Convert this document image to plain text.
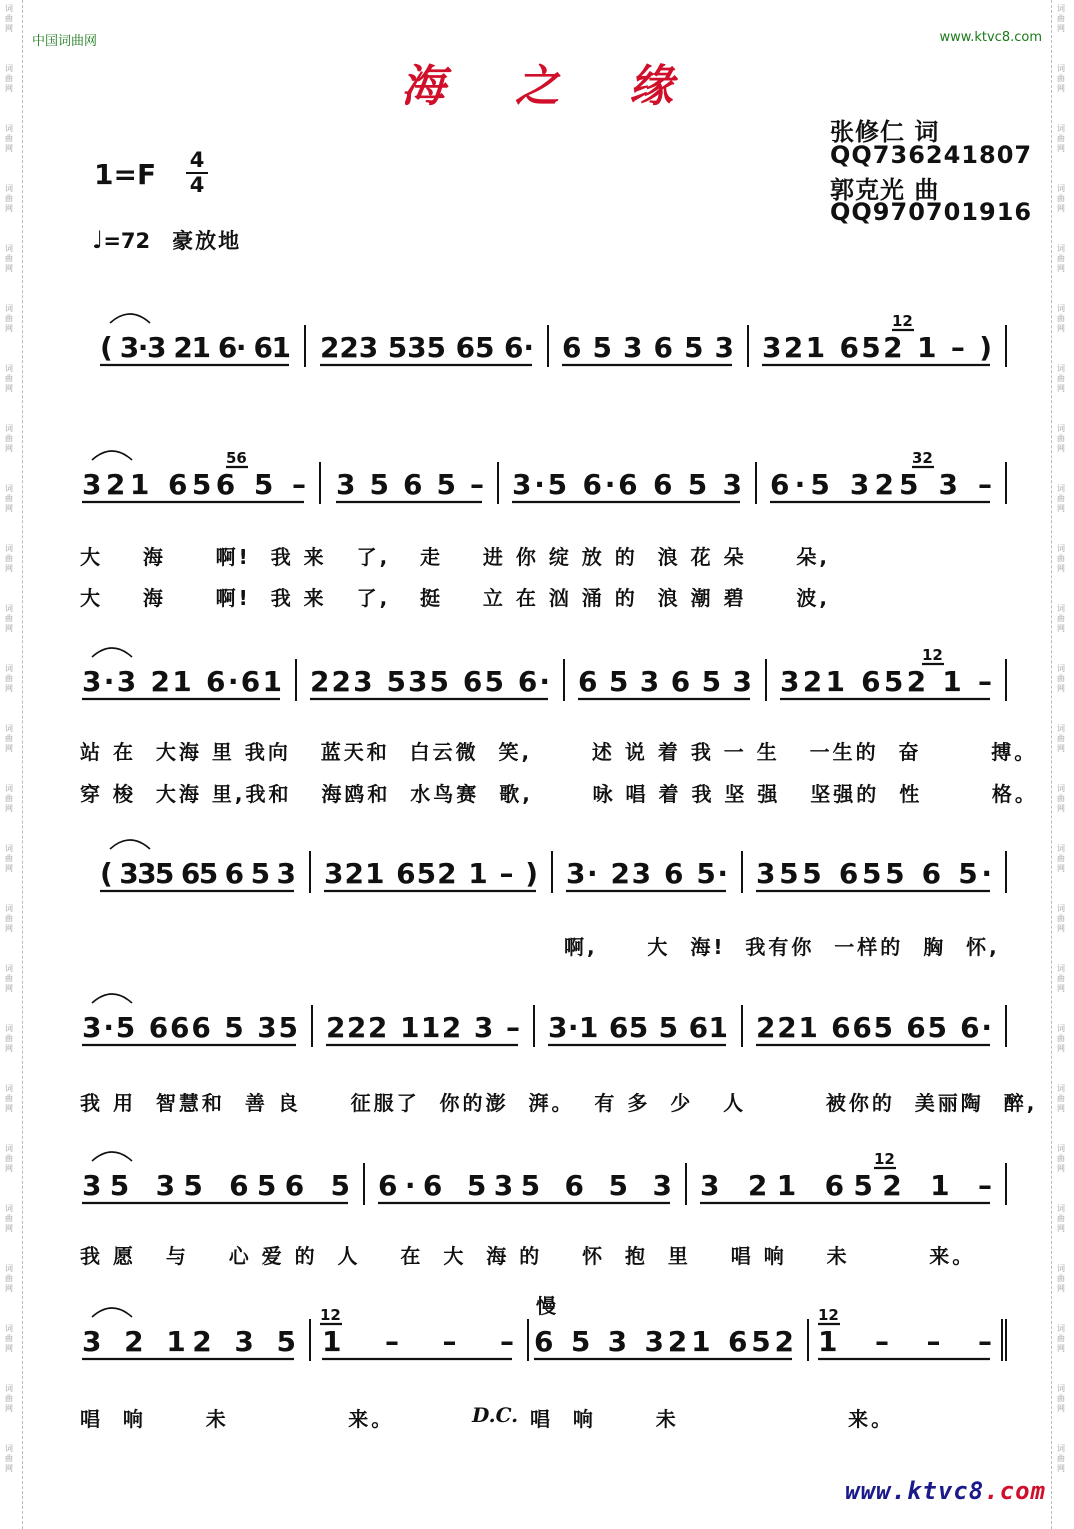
词
曲
网
词
曲
网
词
曲
网
词
曲
网
词
曲
网
词
曲
网
词
曲
网
词
曲
网
词
曲
网
词
曲
网
词
曲
网
词
曲
网
词
曲
网
词
曲
网
词
曲
网
词
曲
网
词
曲
网
词
曲
网
词
曲
网
词
曲
网
词
曲
网
词
曲
网
词
曲
网
词
曲
网
词
曲
网
词
曲
网
词
曲
网
词
曲
网
词
曲
网
词
曲
网
词
曲
网
词
曲
网
词
曲
网
词
曲
网
词
曲
网
词
曲
网
词
曲
网
词
曲
网
词
曲
网
词
曲
网
词
曲
网
词
曲
网
词
曲
网
词
曲
网
词
曲
网
词
曲
网
词
曲
网
词
曲
网
词
曲
网
词
曲
网
中国词曲网	www.ktvc8.com
海之缘
张修仁 词
QQ736241807
郭克光 曲
QQ970701916
1=F 4
4
♩=72 豪放地
( 3·3 21 6· 61 223 535 65 6· 6 5 3 6 5 3 321 652 1 – )
12
321 656 5 – 3 5 6 5 – 3·5 6·6 6 5 3 6·5 325 3 –
56	32
3·3 21 6·61 223 535 65 6· 6 5 3 6 5 3 321 652 1 –
12
( 335 65 6 5 3 321 652 1 – ) 3· 23 6 5· 355 655 6 5·
3·5 666 5 35 222 112 3 – 3·1 65 5 61 221 665 65 6·
35 35 656 5 6·6 535 6 5 3 3 21 652 1 –
12
3 2 12 3 5 1 – – – 6 5 3 321 652 1 – – –
12	12
大    海     啊!  我 来   了,   走    进 你 绽 放 的  浪 花 朵     朵,
大    海     啊!  我 来   了,   挺    立 在 汹 涌 的  浪 潮 碧     波,
站 在  大海 里 我向   蓝天和  白云微  笑,      述 说 着 我 一 生   一生的  奋       搏。
穿 梭  大海 里,我和   海鸥和  水鸟赛  歌,      咏 唱 着 我 坚 强   坚强的  性       格。
啊,     大  海!  我有你  一样的  胸  怀,
我 用  智慧和  善 良     征服了  你的澎  湃。  有 多  少   人        被你的  美丽陶  醉,
我 愿   与    心 爱 的  人    在  大  海 的    怀  抱  里    唱 响    未        来。
慢
唱  响      未            来。	D.C. 唱  响      未                 来。
www.ktvc8.com
